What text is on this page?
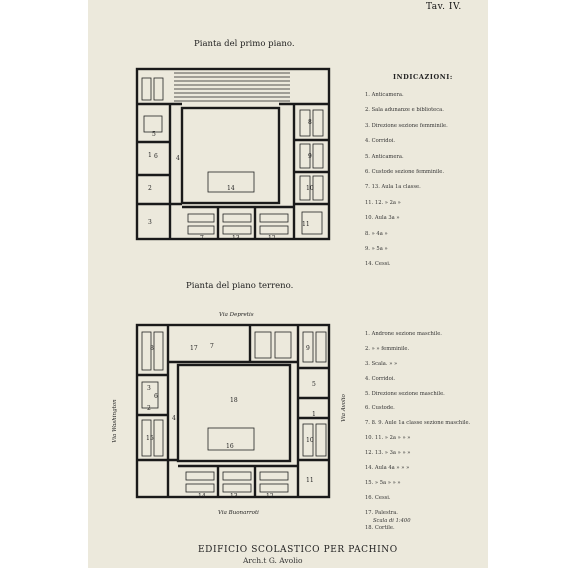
Tav. IV.
Pianta del primo piano.
1
2
3
4
5
6
7
8
9
10
11
12
13
14
INDICAZIONI:
1. Anticamera.
2. Sala adunanze e biblioteca.
3. Direzione sezione femminile.
4. Corridoi.
5. Anticamera.
6. Custode sezione femminile.
7. 13. Aula 1a classe.
11. 12. » 2a »
10. Aula 3a »
8. » 4a »
9. » 5a »
14. Cessi.
Pianta del piano terreno.
Via Depretis
Via Buonarroti
Via Washington	Via Avolio
1
2
3
4
5
6
7
8	9
10
11
12
13
14
15
16
17
18
1. Androne sezione maschile.
2. » » femminile.
3. Scala. » »
4. Corridoi.
5. Direzione sezione maschile.
6. Custode.
7. 8. 9. Aule 1a classe sezione maschile.
10. 11. » 2a » » »
12. 13. » 3a » » »
14. Aula 4a » » »
15. » 5a » » »
16. Cessi.
17. Palestra.
18. Cortile.
Scala di 1:400
EDIFICIO SCOLASTICO PER PACHINO
Arch.t G. Avolio
